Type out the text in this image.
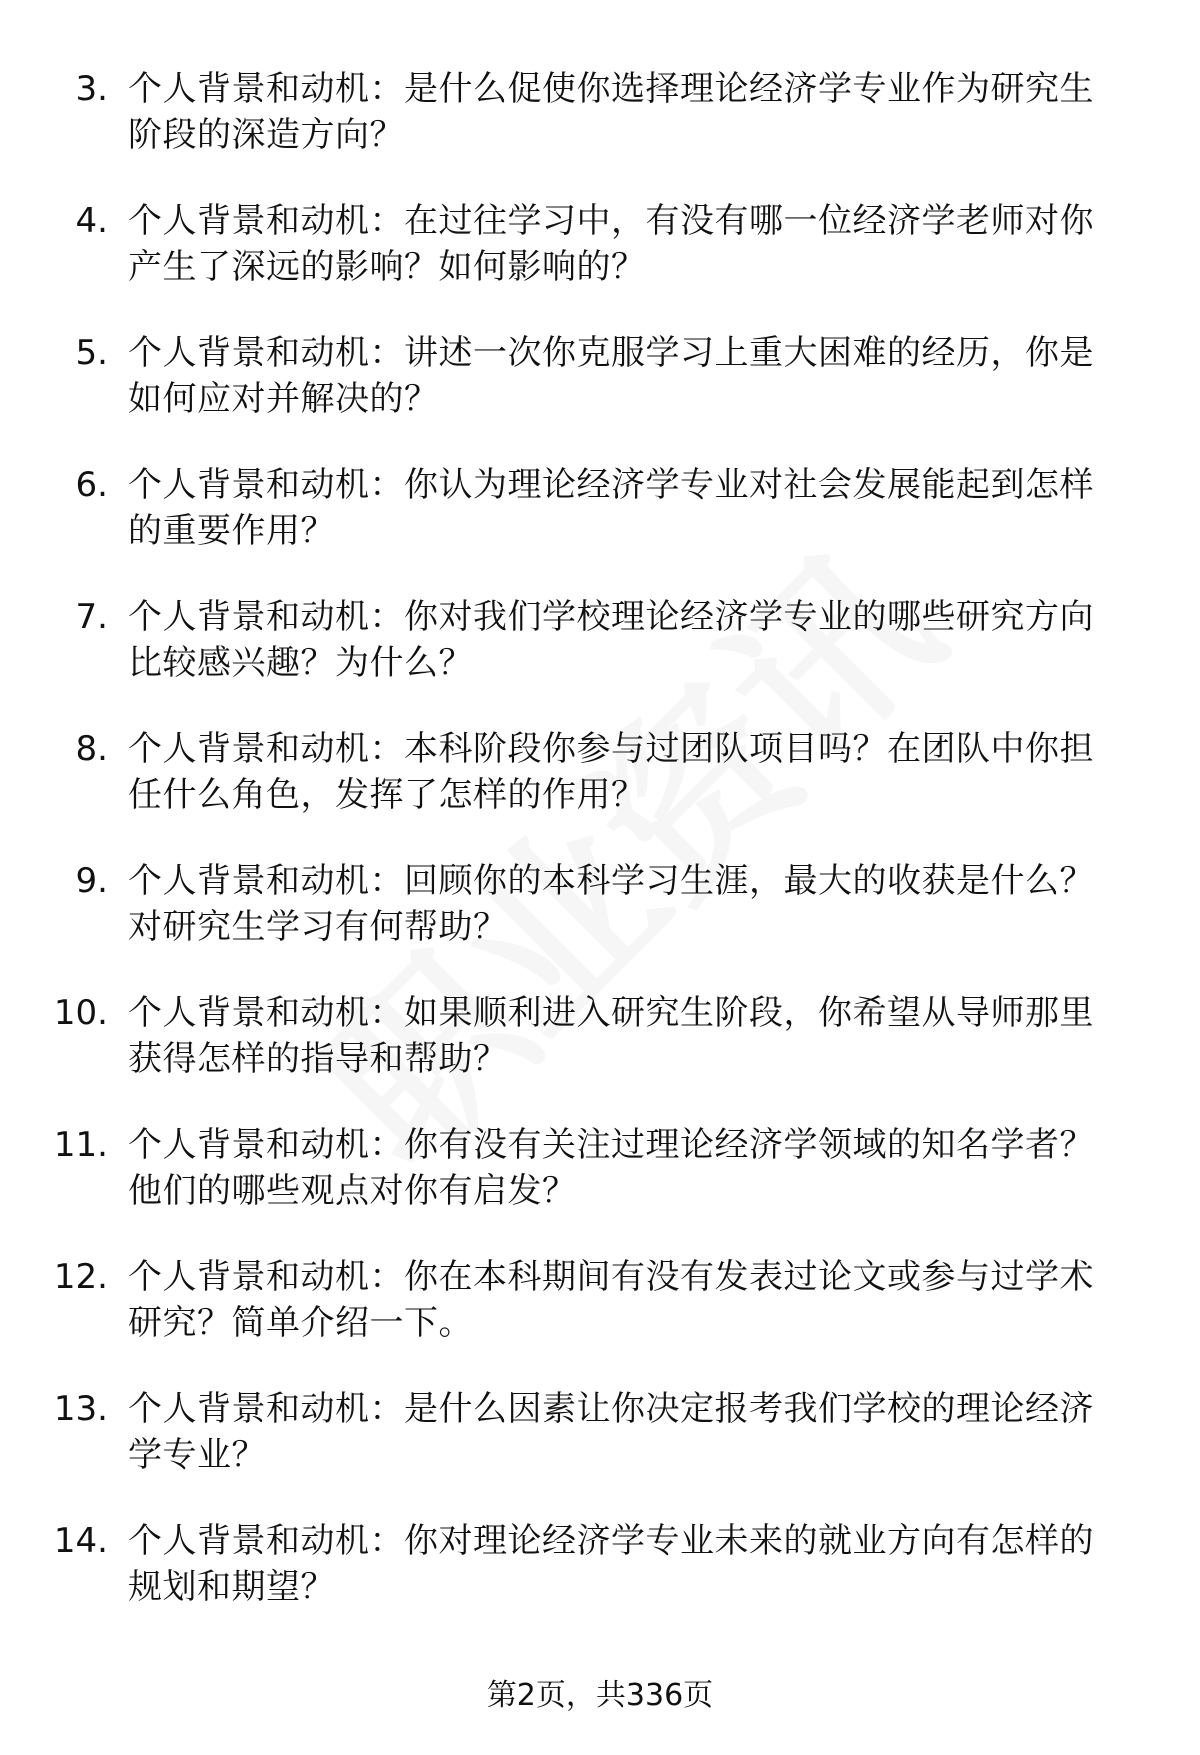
3. 个人背景和动机：是什么促使你选择理论经济学专业作为研究生
阶段的深造方向？
4. 个人背景和动机：在过往学习中，有没有哪一位经济学老师对你
产生了深远的影响？如何影响的？
5. 个人背景和动机：讲述一次你克服学习上重大困难的经历，你是
如何应对并解决的？
6. 个人背景和动机：你认为理论经济学专业对社会发展能起到怎样
的重要作用？
7. 个人背景和动机：你对我们学校理论经济学专业的哪些研究方向
比较感兴趣？为什么？
8. 个人背景和动机：本科阶段你参与过团队项目吗？在团队中你担
任什么角色，发挥了怎样的作用？
9. 个人背景和动机：回顾你的本科学习生涯，最大的收获是什么？
对研究生学习有何帮助？
10. 个人背景和动机：如果顺利进入研究生阶段，你希望从导师那里
获得怎样的指导和帮助？
11. 个人背景和动机：你有没有关注过理论经济学领域的知名学者？
他们的哪些观点对你有启发？
12. 个人背景和动机：你在本科期间有没有发表过论文或参与过学术
研究？简单介绍一下。
13. 个人背景和动机：是什么因素让你决定报考我们学校的理论经济
学专业？
14. 个人背景和动机：你对理论经济学专业未来的就业方向有怎样的
规划和期望？
第2页，共336页
